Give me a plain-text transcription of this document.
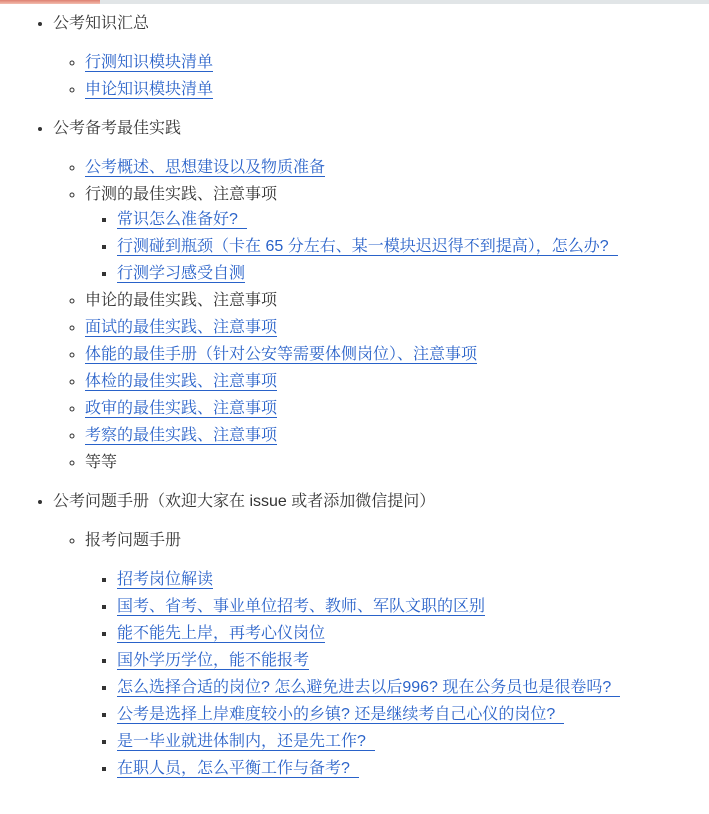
• 公考知识汇总
◦ 行测知识模块清单
◦ 申论知识模块清单
• 公考备考最佳实践
◦ 公考概述、思想建设以及物质准备
◦ 行测的最佳实践、注意事项
▪ 常识怎么准备好?
▪ 行测碰到瓶颈（卡在 65 分左右、某一模块迟迟得不到提高），怎么办?
▪ 行测学习感受自测
◦ 申论的最佳实践、注意事项
◦ 面试的最佳实践、注意事项
◦ 体能的最佳手册（针对公安等需要体侧岗位）、注意事项
◦ 体检的最佳实践、注意事项
◦ 政审的最佳实践、注意事项
◦ 考察的最佳实践、注意事项
◦ 等等
• 公考问题手册（欢迎大家在 issue 或者添加微信提问）
◦ 报考问题手册
▪ 招考岗位解读
▪ 国考、省考、事业单位招考、教师、军队文职的区别
▪ 能不能先上岸，再考心仪岗位
▪ 国外学历学位，能不能报考
▪ 怎么选择合适的岗位? 怎么避免进去以后996? 现在公务员也是很卷吗?
▪ 公考是选择上岸难度较小的乡镇? 还是继续考自己心仪的岗位?
▪ 是一毕业就进体制内，还是先工作?
▪ 在职人员，怎么平衡工作与备考?
